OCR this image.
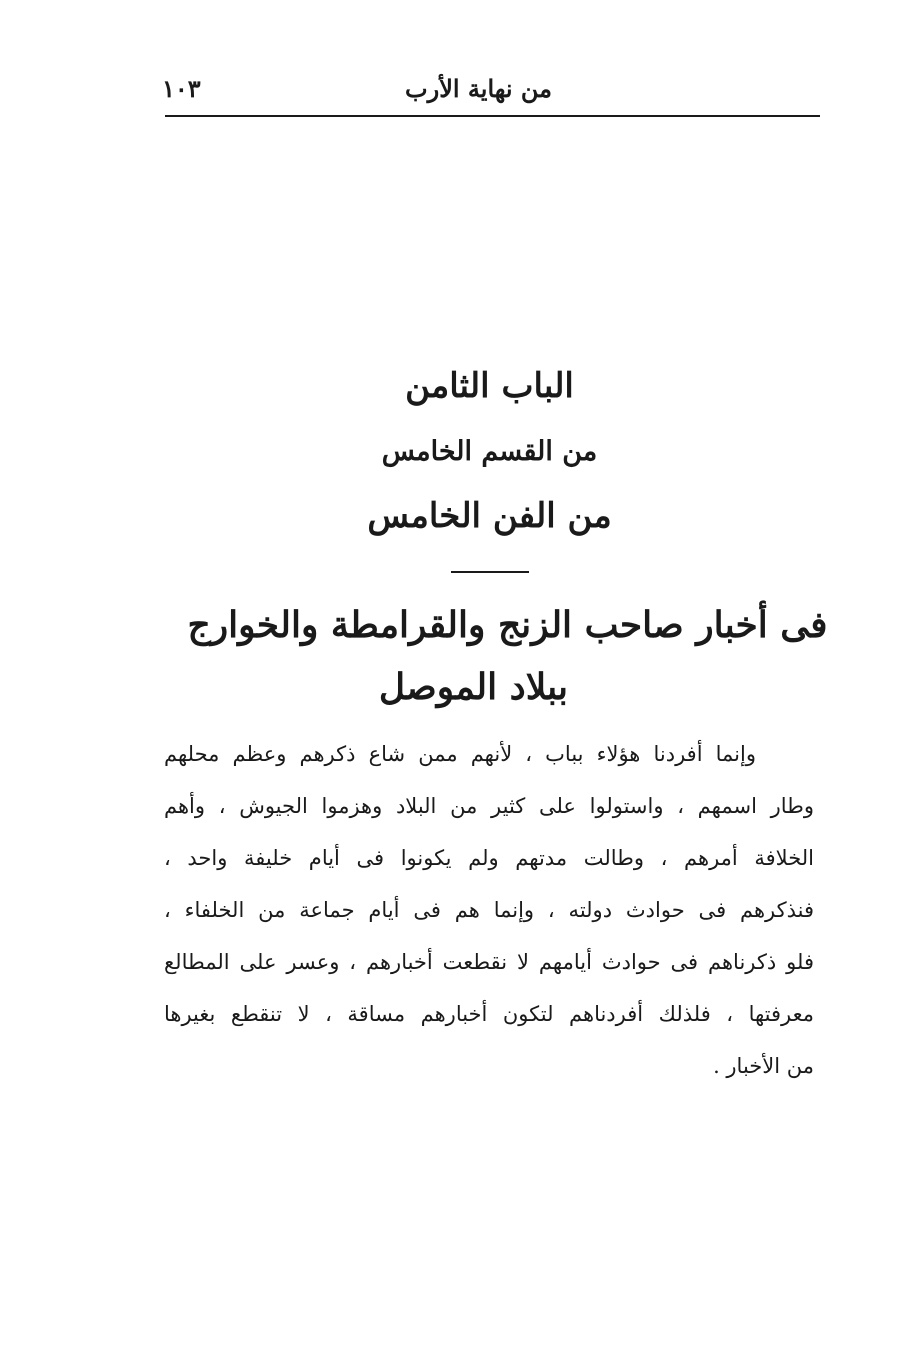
من نهاية الأرب
١٠٣
الباب الثامن
من القسم الخامس
من الفن الخامس
فى أخبار صاحب الزنج والقرامطة والخوارج
ببلاد الموصل
وإنما أفردنا هؤلاء بباب ، لأنهم ممن شاع ذكرهم وعظم محلهم
وطار اسمهم ، واستولوا على كثير من البلاد وهزموا الجيوش ، وأهم
الخلافة أمرهم ، وطالت مدتهم ولم يكونوا فى أيام خليفة واحد ،
فنذكرهم فى حوادث دولته ، وإنما هم فى أيام جماعة من الخلفاء ،
فلو ذكرناهم فى حوادث أيامهم لا نقطعت أخبارهم ، وعسر على المطالع
معرفتها ، فلذلك أفردناهم لتكون أخبارهم مساقة ، لا تنقطع بغيرها
من الأخبار .
